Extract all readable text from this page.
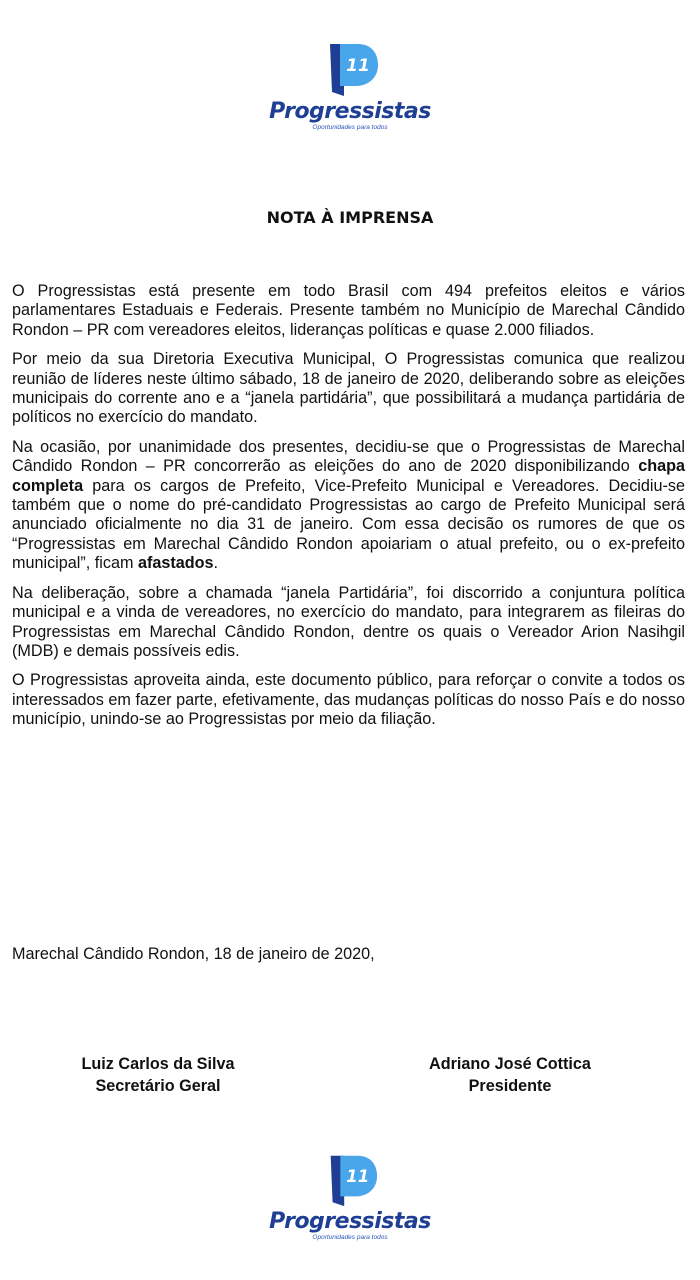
11
Progressistas
Oportunidades para todos
NOTA À IMPRENSA

O Progressistas está presente em todo Brasil com 494 prefeitos eleitos e vários parlamentares Estaduais e Federais. Presente também no Município de Marechal Cândido Rondon – PR com vereadores eleitos, lideranças políticas e quase 2.000 filiados.

Por meio da sua Diretoria Executiva Municipal, O Progressistas comunica que realizou reunião de líderes neste último sábado, 18 de janeiro de 2020, deliberando sobre as eleições municipais do corrente ano e a “janela partidária”, que possibilitará a mudança partidária de políticos no exercício do mandato.

Na ocasião, por unanimidade dos presentes, decidiu-se que o Progressistas de Marechal Cândido Rondon – PR concorrerão as eleições do ano de 2020 disponibilizando chapa completa para os cargos de Prefeito, Vice-Prefeito Municipal e Vereadores. Decidiu-se também que o nome do pré-candidato Progressistas ao cargo de Prefeito Municipal será anunciado oficialmente no dia 31 de janeiro. Com essa decisão os rumores de que os “Progressistas em Marechal Cândido Rondon apoiariam o atual prefeito, ou o ex-prefeito municipal”, ficam afastados.

Na deliberação, sobre a chamada “janela Partidária”, foi discorrido a conjuntura política municipal e a vinda de vereadores, no exercício do mandato, para integrarem as fileiras do Progressistas em Marechal Cândido Rondon, dentre os quais o Vereador Arion Nasihgil (MDB) e demais possíveis edis.

O Progressistas aproveita ainda, este documento público, para reforçar o convite a todos os interessados em fazer parte, efetivamente, das mudanças políticas do nosso País e do nosso município, unindo-se ao Progressistas por meio da filiação.

Marechal Cândido Rondon, 18 de janeiro de 2020,
Luiz Carlos da Silva
Secretário Geral
Adriano José Cottica
Presidente
11
Progressistas
Oportunidades para todos
